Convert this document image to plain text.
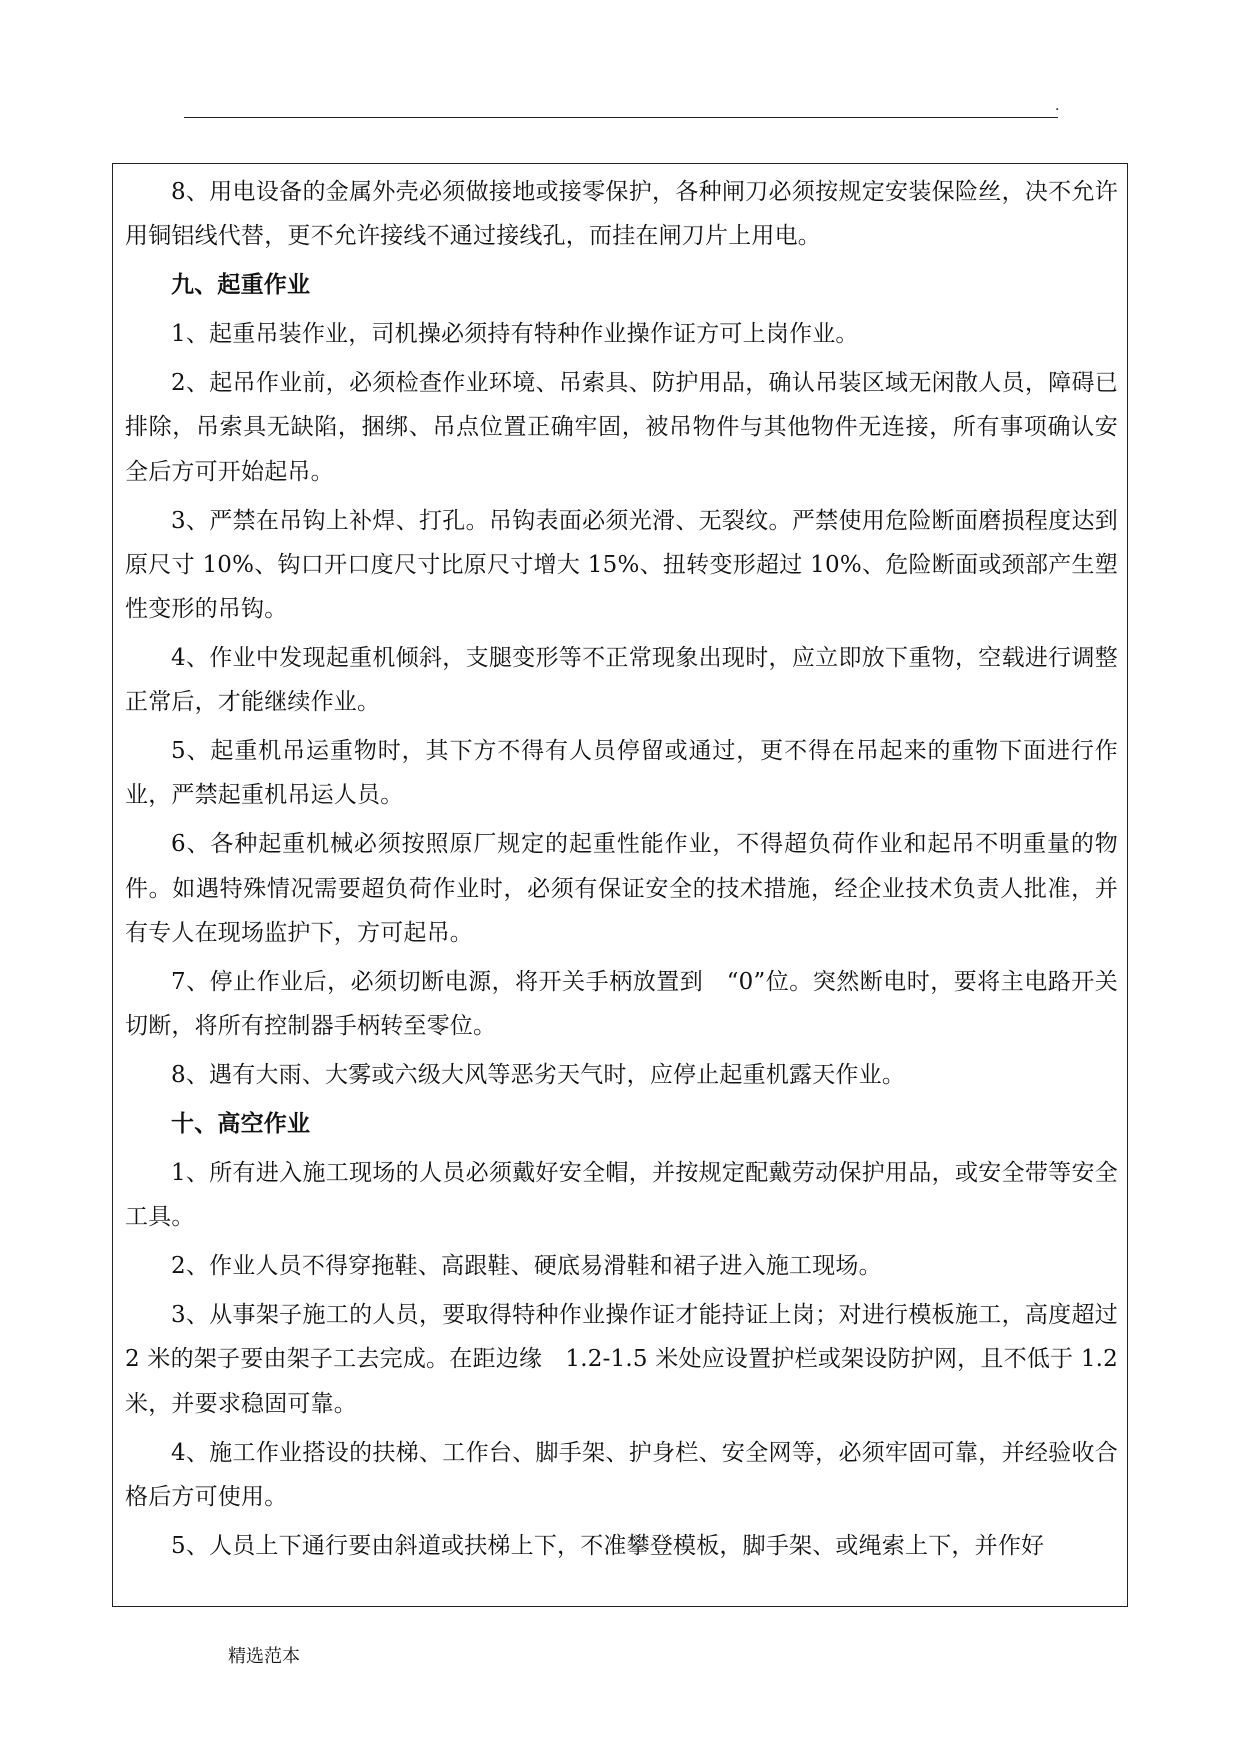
.

8、用电设备的金属外壳必须做接地或接零保护，各种闸刀必须按规定安装保险丝，决不允许用铜铝线代替，更不允许接线不通过接线孔，而挂在闸刀片上用电。

九、起重作业

1、起重吊装作业，司机操必须持有特种作业操作证方可上岗作业。

2、起吊作业前，必须检查作业环境、吊索具、防护用品，确认吊装区域无闲散人员，障碍已排除，吊索具无缺陷，捆绑、吊点位置正确牢固，被吊物件与其他物件无连接，所有事项确认安全后方可开始起吊。

3、严禁在吊钩上补焊、打孔。吊钩表面必须光滑、无裂纹。严禁使用危险断面磨损程度达到原尺寸 10%、钩口开口度尺寸比原尺寸增大 15%、扭转变形超过 10%、危险断面或颈部产生塑性变形的吊钩。

4、作业中发现起重机倾斜，支腿变形等不正常现象出现时，应立即放下重物，空载进行调整正常后，才能继续作业。

5、起重机吊运重物时，其下方不得有人员停留或通过，更不得在吊起来的重物下面进行作业，严禁起重机吊运人员。

6、各种起重机械必须按照原厂规定的起重性能作业，不得超负荷作业和起吊不明重量的物件。如遇特殊情况需要超负荷作业时，必须有保证安全的技术措施，经企业技术负责人批准，并有专人在现场监护下，方可起吊。

7、停止作业后，必须切断电源，将开关手柄放置到　“0”位。突然断电时，要将主电路开关切断，将所有控制器手柄转至零位。

8、遇有大雨、大雾或六级大风等恶劣天气时，应停止起重机露天作业。

十、高空作业

1、所有进入施工现场的人员必须戴好安全帽，并按规定配戴劳动保护用品，或安全带等安全工具。

2、作业人员不得穿拖鞋、高跟鞋、硬底易滑鞋和裙子进入施工现场。

3、从事架子施工的人员，要取得特种作业操作证才能持证上岗；对进行模板施工，高度超过 2 米的架子要由架子工去完成。在距边缘　1.2-1.5 米处应设置护栏或架设防护网，且不低于 1.2 米，并要求稳固可靠。

4、施工作业搭设的扶梯、工作台、脚手架、护身栏、安全网等，必须牢固可靠，并经验收合格后方可使用。

5、人员上下通行要由斜道或扶梯上下，不准攀登模板，脚手架、或绳索上下，并作好

精选范本
